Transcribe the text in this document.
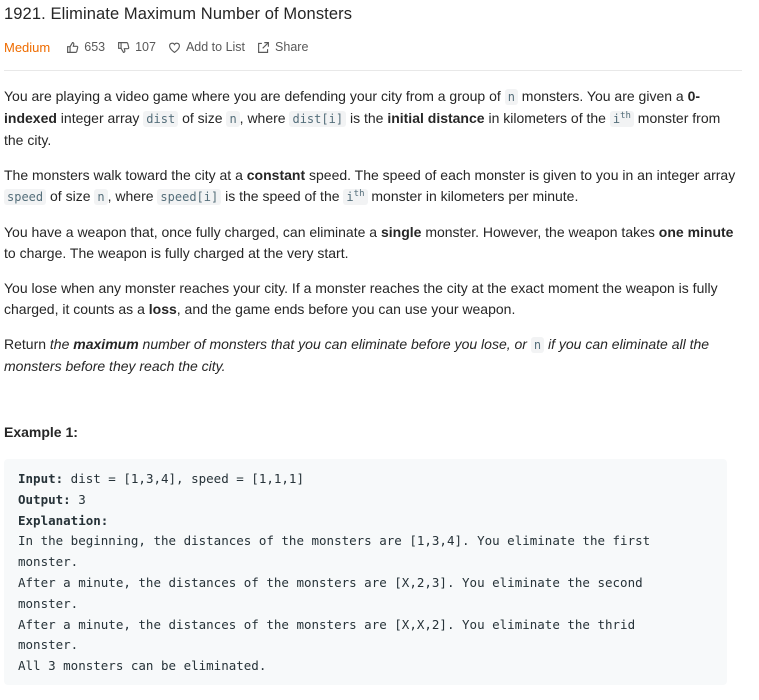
1921. Eliminate Maximum Number of Monsters
Medium	653 107 Add to List Share

You are playing a video game where you are defending your city from a group of n monsters. You are given a 0-indexed integer array dist of size n , where dist[i] is the initial distance in kilometers of the $i^{th}$ monster from the city.

The monsters walk toward the city at a constant speed. The speed of each monster is given to you in an integer array speed of size n , where speed[i] is the speed of the $i^{th}$ monster in kilometers per minute.

You have a weapon that, once fully charged, can eliminate a single monster. However, the weapon takes one minute to charge. The weapon is fully charged at the very start.

You lose when any monster reaches your city. If a monster reaches the city at the exact moment the weapon is fully charged, it counts as a loss, and the game ends before you can use your weapon.

Return the maximum number of monsters that you can eliminate before you lose, or n if you can eliminate all the monsters before they reach the city.

Example 1:
Input: dist = [1,3,4], speed = [1,1,1]
Output: 3
Explanation:
In the beginning, the distances of the monsters are [1,3,4]. You eliminate the first
monster.
After a minute, the distances of the monsters are [X,2,3]. You eliminate the second
monster.
After a minute, the distances of the monsters are [X,X,2]. You eliminate the thrid
monster.
All 3 monsters can be eliminated.
